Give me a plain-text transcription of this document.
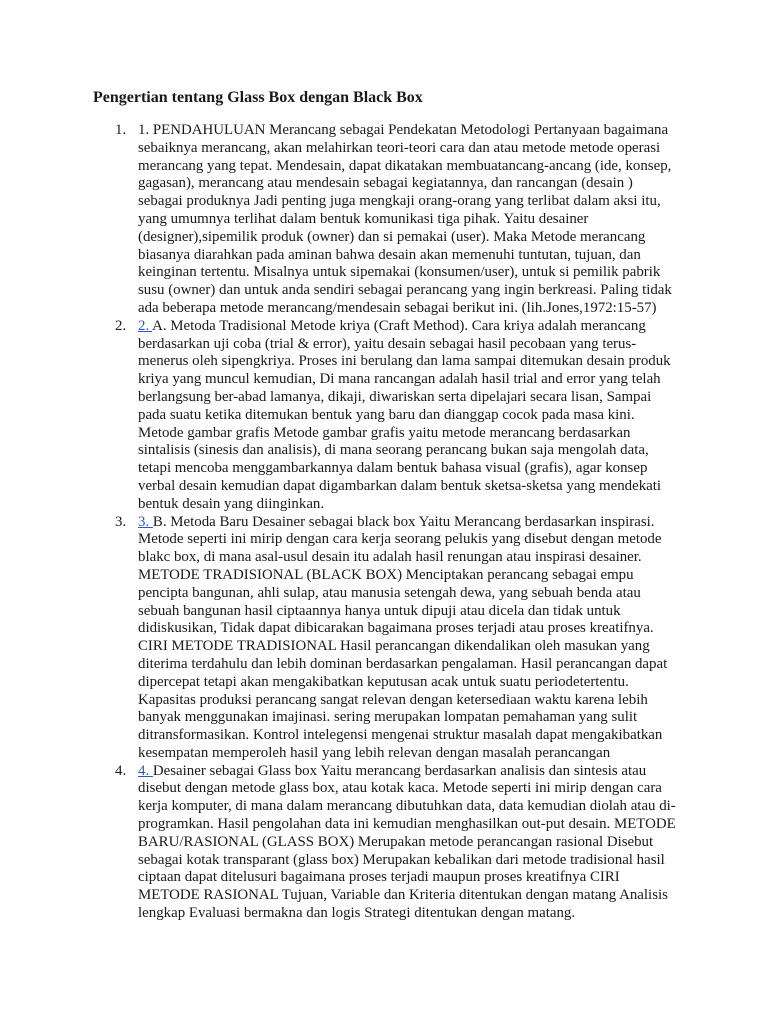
Pengertian tentang Glass Box dengan Black Box
1. 1. PENDAHULUAN Merancang sebagai Pendekatan Metodologi Pertanyaan bagaimana sebaiknya merancang, akan melahirkan teori-teori cara dan atau metode metode operasi merancang yang tepat. Mendesain, dapat dikatakan membuatancang-ancang (ide, konsep, gagasan), merancang atau mendesain sebagai kegiatannya, dan rancangan (desain ) sebagai produknya Jadi penting juga mengkaji orang-orang yang terlibat dalam aksi itu, yang umumnya terlihat dalam bentuk komunikasi tiga pihak. Yaitu desainer (designer),sipemilik produk (owner) dan si pemakai (user). Maka Metode merancang biasanya diarahkan pada aminan bahwa desain akan memenuhi tuntutan, tujuan, dan keinginan tertentu. Misalnya untuk sipemakai (konsumen/user), untuk si pemilik pabrik susu (owner) dan untuk anda sendiri sebagai perancang yang ingin berkreasi. Paling tidak ada beberapa metode merancang/mendesain sebagai berikut ini. (lih.Jones,1972:15-57)
2. 2. A. Metoda Tradisional Metode kriya (Craft Method). Cara kriya adalah merancang berdasarkan uji coba (trial & error), yaitu desain sebagai hasil pecobaan yang terus-menerus oleh sipengkriya. Proses ini berulang dan lama sampai ditemukan desain produk kriya yang muncul kemudian, Di mana rancangan adalah hasil trial and error yang telah berlangsung ber-abad lamanya, dikaji, diwariskan serta dipelajari secara lisan, Sampai pada suatu ketika ditemukan bentuk yang baru dan dianggap cocok pada masa kini. Metode gambar grafis Metode gambar grafis yaitu metode merancang berdasarkan sintalisis (sinesis dan analisis), di mana seorang perancang bukan saja mengolah data, tetapi mencoba menggambarkannya dalam bentuk bahasa visual (grafis), agar konsep verbal desain kemudian dapat digambarkan dalam bentuk sketsa-sketsa yang mendekati bentuk desain yang diinginkan.
3. 3. B. Metoda Baru Desainer sebagai black box Yaitu Merancang berdasarkan inspirasi. Metode seperti ini mirip dengan cara kerja seorang pelukis yang disebut dengan metode blakc box, di mana asal-usul desain itu adalah hasil renungan atau inspirasi desainer. METODE TRADISIONAL (BLACK BOX) Menciptakan perancang sebagai empu pencipta bangunan, ahli sulap, atau manusia setengah dewa, yang sebuah benda atau sebuah bangunan hasil ciptaannya hanya untuk dipuji atau dicela dan tidak untuk didiskusikan, Tidak dapat dibicarakan bagaimana proses terjadi atau proses kreatifnya. CIRI METODE TRADISIONAL Hasil perancangan dikendalikan oleh masukan yang diterima terdahulu dan lebih dominan berdasarkan pengalaman. Hasil perancangan dapat dipercepat tetapi akan mengakibatkan keputusan acak untuk suatu periodetertentu. Kapasitas produksi perancang sangat relevan dengan ketersediaan waktu karena lebih banyak menggunakan imajinasi. sering merupakan lompatan pemahaman yang sulit ditransformasikan. Kontrol intelegensi mengenai struktur masalah dapat mengakibatkan kesempatan memperoleh hasil yang lebih relevan dengan masalah perancangan
4. 4. Desainer sebagai Glass box Yaitu merancang berdasarkan analisis dan sintesis atau disebut dengan metode glass box, atau kotak kaca. Metode seperti ini mirip dengan cara kerja komputer, di mana dalam merancang dibutuhkan data, data kemudian diolah atau di-programkan. Hasil pengolahan data ini kemudian menghasilkan out-put desain. METODE BARU/RASIONAL (GLASS BOX) Merupakan metode perancangan rasional Disebut sebagai kotak transparant (glass box) Merupakan kebalikan dari metode tradisional hasil ciptaan dapat ditelusuri bagaimana proses terjadi maupun proses kreatifnya CIRI METODE RASIONAL Tujuan, Variable dan Kriteria ditentukan dengan matang Analisis lengkap Evaluasi bermakna dan logis Strategi ditentukan dengan matang.
